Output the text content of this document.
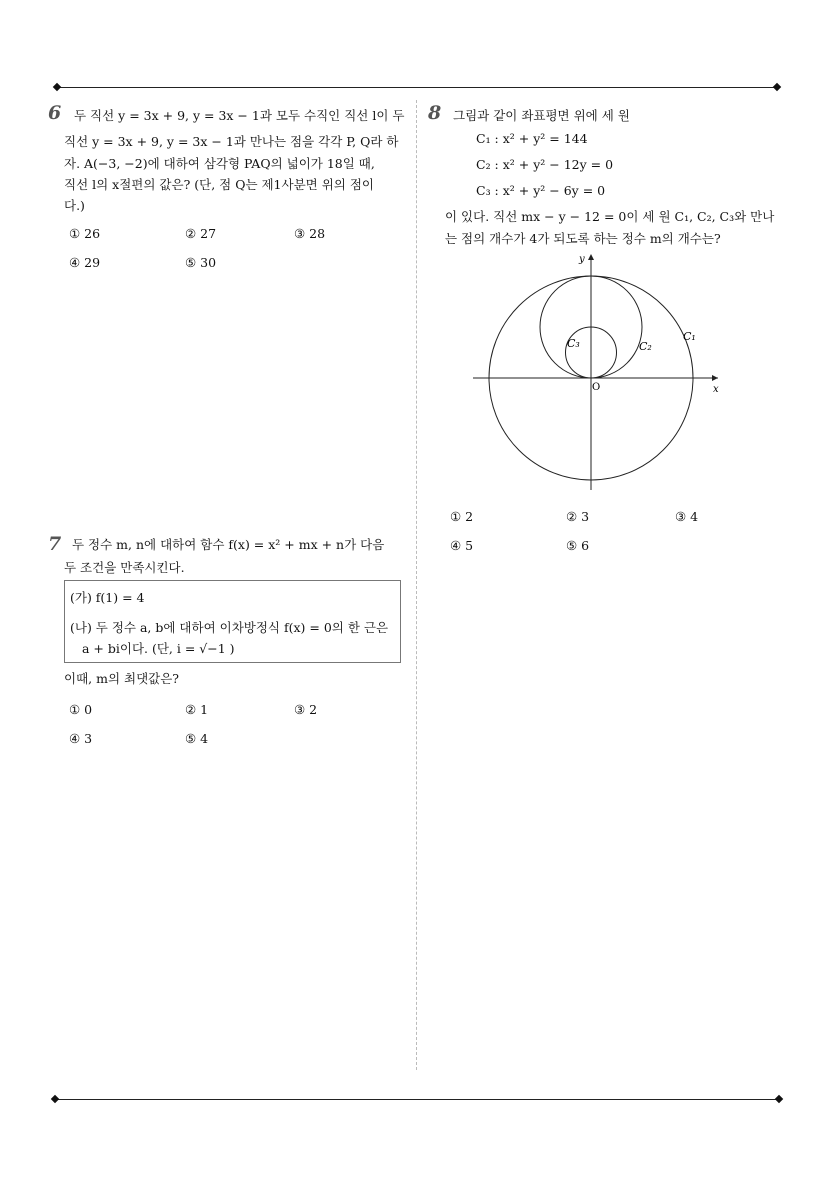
6 두 직선 y = 3x + 9, y = 3x − 1과 모두 수직인 직선 l이 두
직선 y = 3x + 9, y = 3x − 1과 만나는 점을 각각 P, Q라 하
자. A(−3, −2)에 대하여 삼각형 PAQ의 넓이가 18일 때,
직선 l의 x절편의 값은? (단, 점 Q는 제1사분면 위의 점이
다.)
① 26	② 27	③ 28
④ 29	⑤ 30
7 두 정수 m, n에 대하여 함수 f(x) = x² + mx + n가 다음
두 조건을 만족시킨다.
(가) f(1) = 4
(나) 두 정수 a, b에 대하여 이차방정식 f(x) = 0의 한 근은
a + bi이다. (단, i = √−1 )
이때, m의 최댓값은?
① 0	② 1	③ 2
④ 3	⑤ 4
8 그림과 같이 좌표평면 위에 세 원
C₁ : x² + y² = 144
C₂ : x² + y² − 12y = 0
C₃ : x² + y² − 6y = 0
이 있다. 직선 mx − y − 12 = 0이 세 원 C₁, C₂, C₃와 만나
는 점의 개수가 4가 되도록 하는 정수 m의 개수는?
x
y
O
C₁
C₂
C₃
① 2	② 3	③ 4
④ 5	⑤ 6
